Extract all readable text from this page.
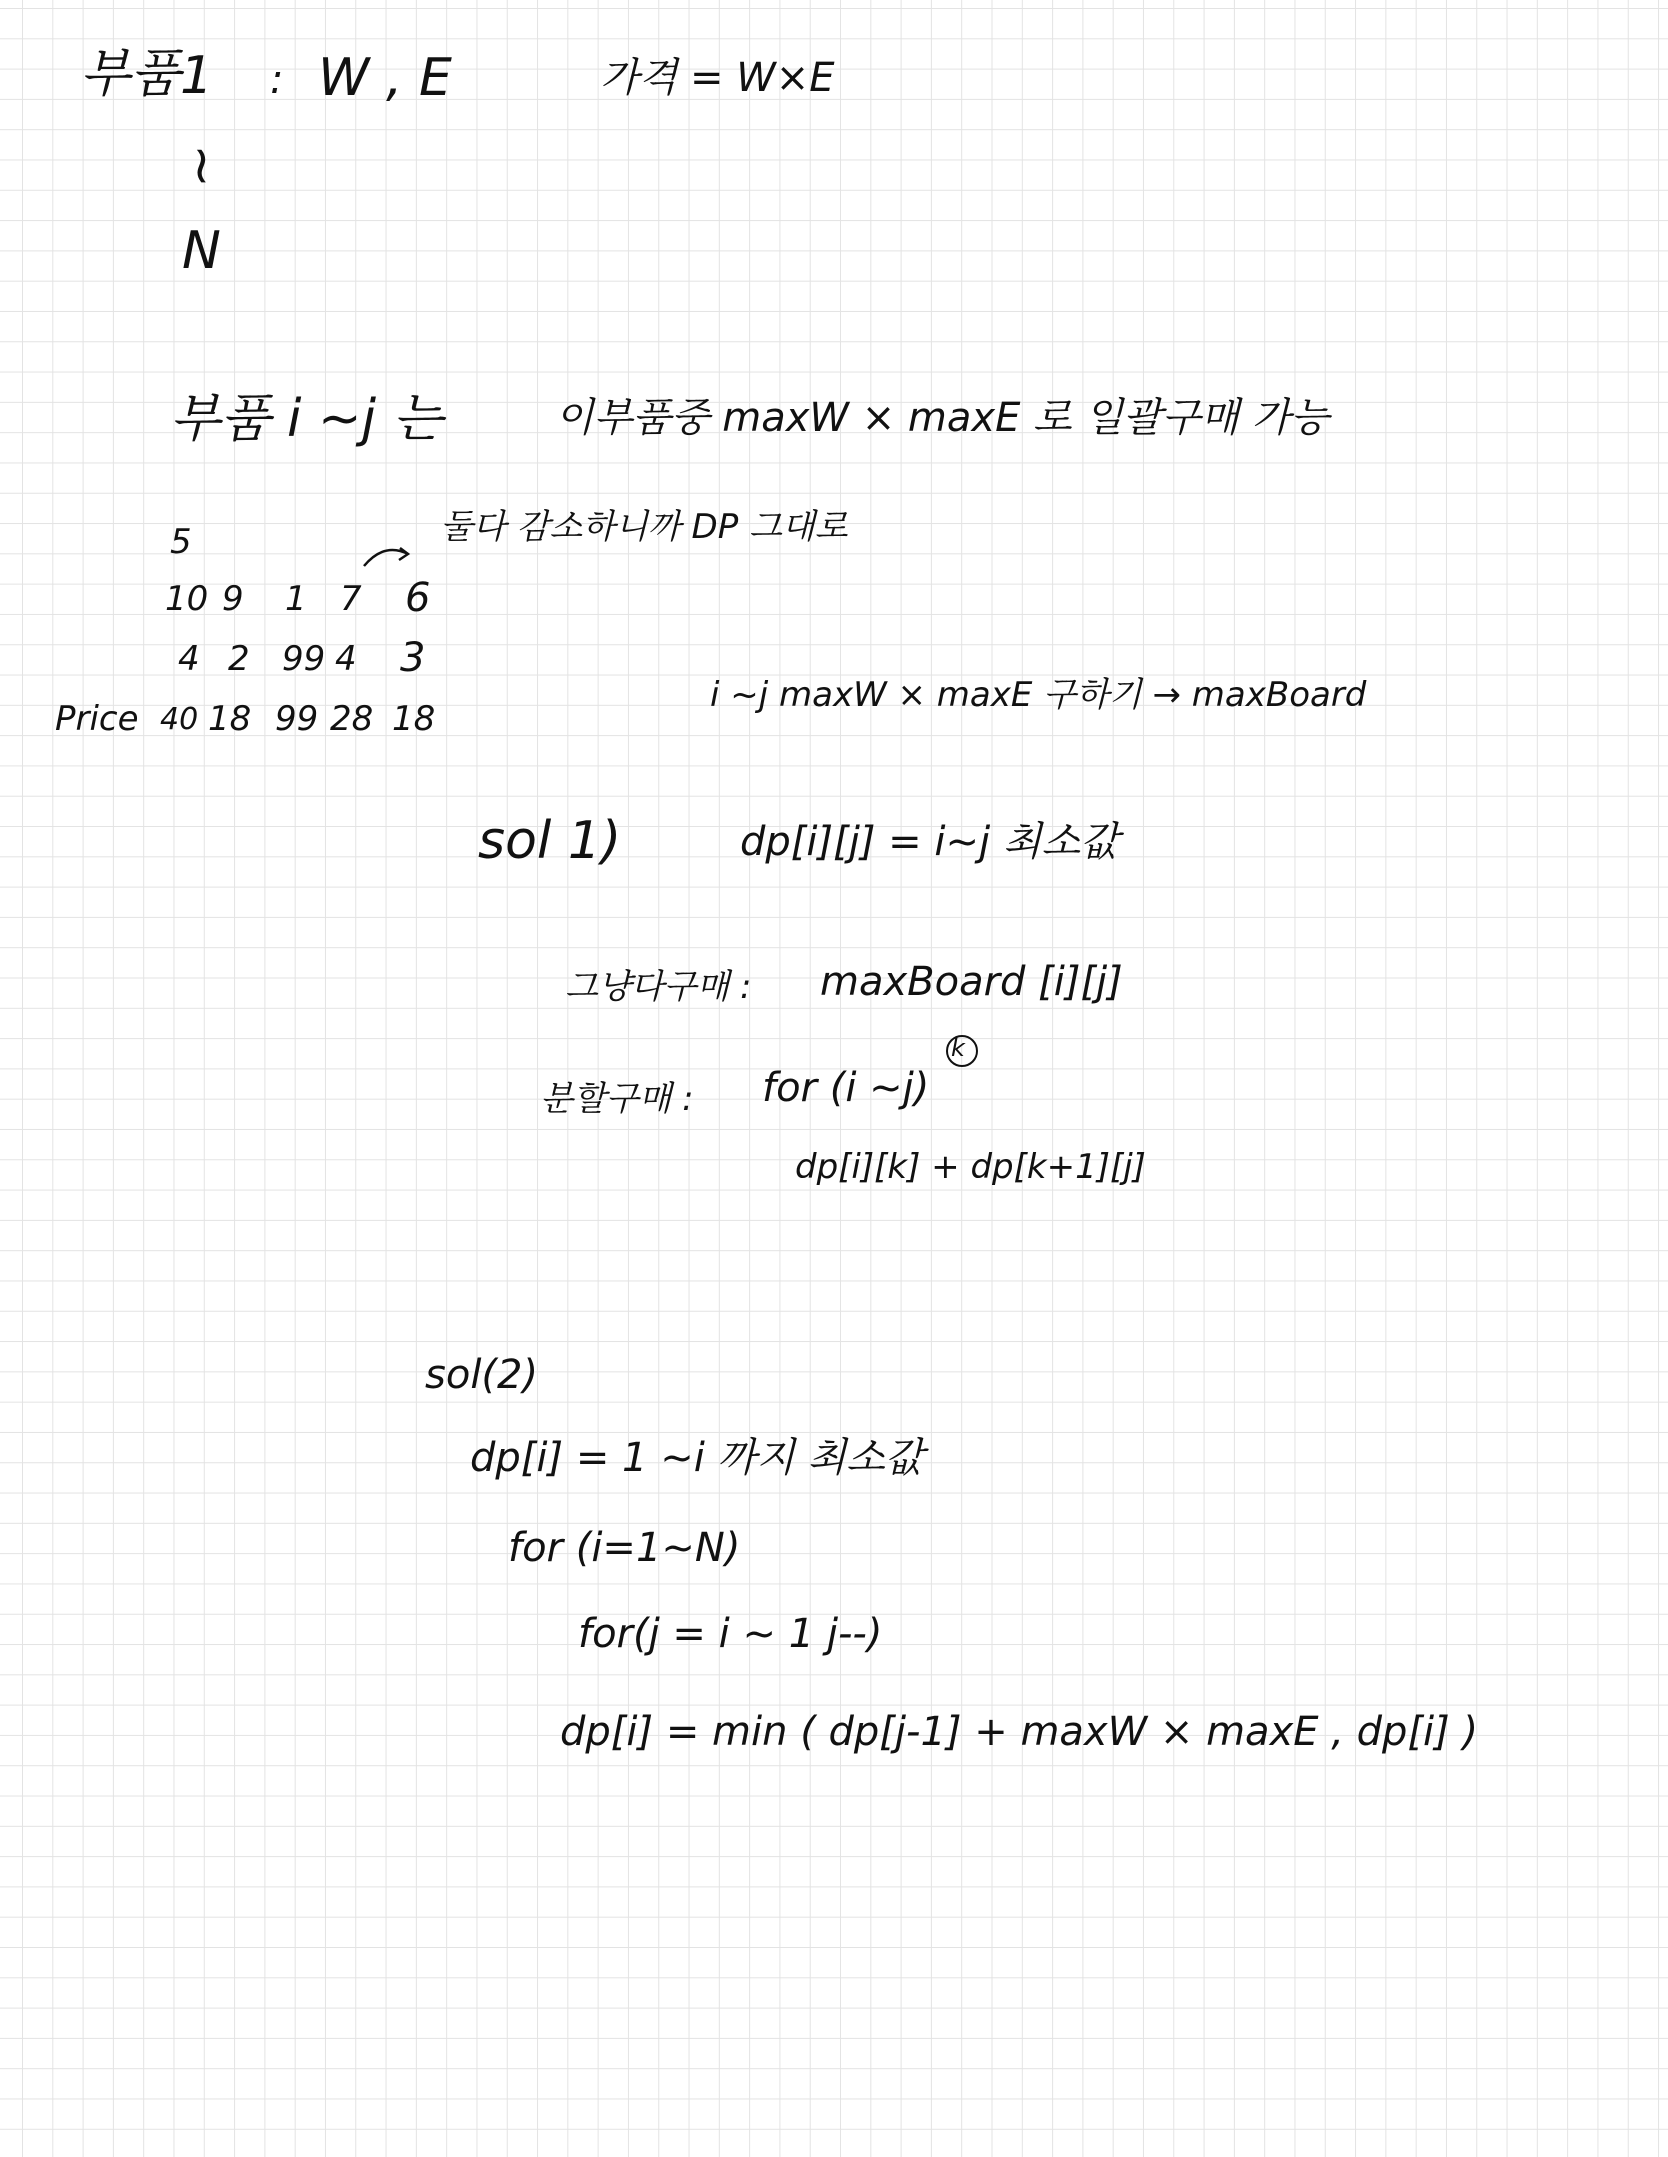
부품 1 : W , E	가격 = W×E
~
N
부품 i ~j 는	이부품중 maxW × maxE 로 일괄구매 가능
5	둘다 감소하니까 DP 그대로
10 9 1 7 6
4 2 99 4 3
Price 40 18 99 28 18
i ~j maxW × maxE 구하기 → maxBoard
sol 1)	dp[i][j] = i~j 최소값
그냥다구매 : maxBoard [i][j]
분할구매 : for (i ~j)
k
dp[i][k] + dp[k+1][j]
sol(2)
dp[i] = 1 ~i 까지 최소값
for (i=1~N)
for(j = i ~ 1 j--)
dp[i] = min ( dp[j-1] + maxW × maxE , dp[i] )
